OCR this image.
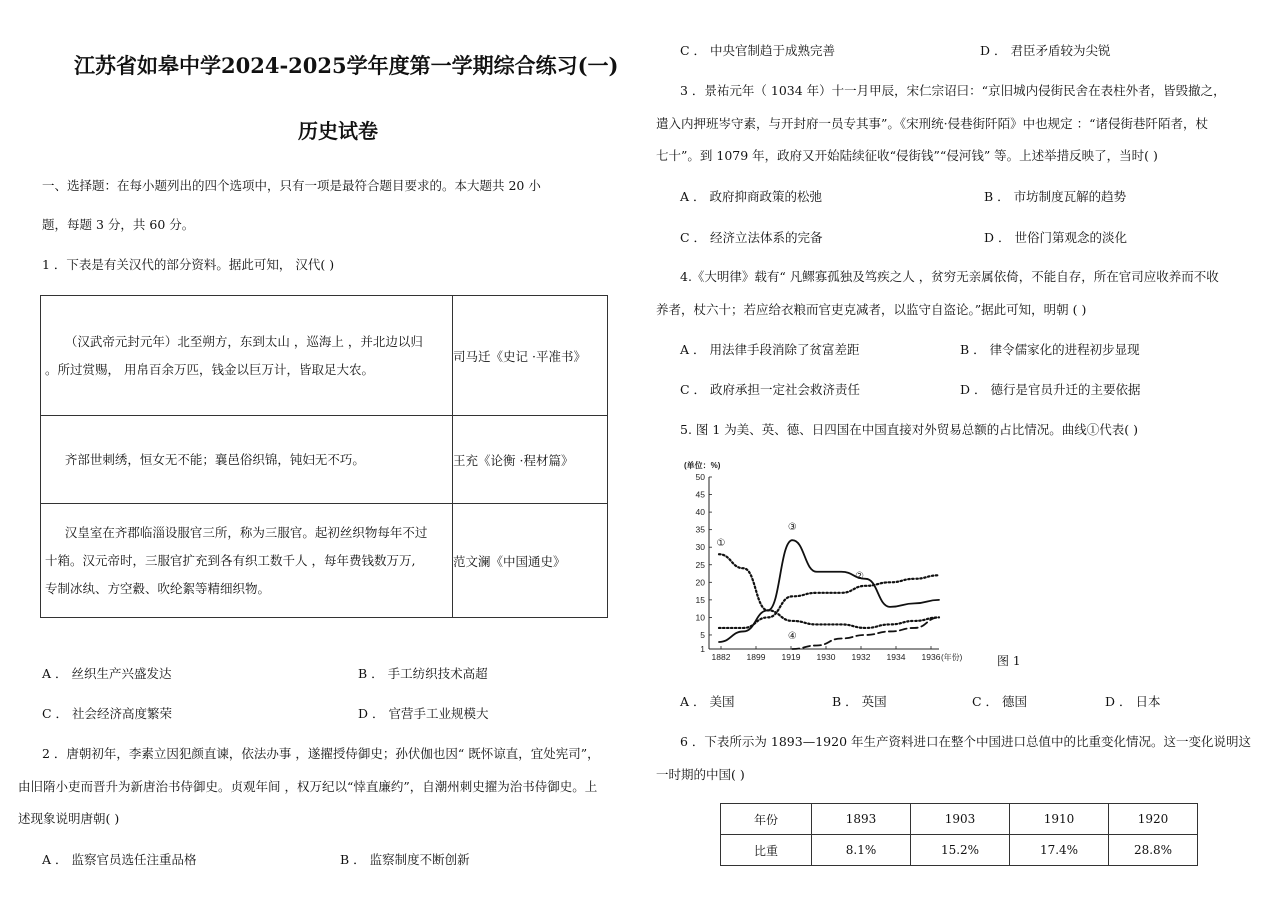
江苏省如皋中学2024-2025学年度第一学期综合练习(一)
历史试卷
一、选择题：在每小题列出的四个选项中，只有一项是最符合题目要求的。本大题共 20 小
题，每题 3 分，共 60 分。
1 ．下表是有关汉代的部分资料。据此可知， 汉代( )
（汉武帝元封元年）北至朔方，东到太山 ，巡海上 ，并北边以归
。所过赏赐， 用帛百余万匹，钱金以巨万计，皆取足大农。	司马迁《史记 ·平准书》

齐部世刺绣，恒女无不能；襄邑俗织锦，钝妇无不巧。	王充《论衡 ·程材篇》

汉皇室在齐郡临淄设服官三所，称为三服官。起初丝织物每年不过
十箱。汉元帝时，三服官扩充到各有织工数千人 ，每年费钱数万万,
专制冰纨、方空縠、吹纶絮等精细织物。	范文澜《中国通史》
A ． 丝织生产兴盛发达	B ． 手工纺织技术高超
C ． 社会经济高度繁荣	D ． 官营手工业规模大
2 ．唐朝初年，李素立因犯颜直谏，依法办事 ，遂擢授侍御史；孙伏伽也因“ 既怀谅直，宜处宪司”，
由旧隋小吏而晋升为新唐治书侍御史。贞观年间 ，权万纪以“悻直廉约”，自潮州刺史擢为治书侍御史。上
述现象说明唐朝( )
A ． 监察官员选任注重品格	B ． 监察制度不断创新
C ． 中央官制趋于成熟完善	D ． 君臣矛盾较为尖锐
3 ．景祐元年（ 1034 年）十一月甲辰，宋仁宗诏曰：“京旧城内侵街民舍在表柱外者，皆毁撤之，
遣入内押班岑守素，与开封府一员专其事”。《宋刑统·侵巷街阡陌》中也规定 ：“诸侵街巷阡陌者，杖
七十”。到 1079 年，政府又开始陆续征收“侵街钱”“侵河钱” 等。上述举措反映了，当时( )
A ． 政府抑商政策的松弛	B ． 市坊制度瓦解的趋势
C ． 经济立法体系的完备	D ． 世俗门第观念的淡化
4.《大明律》载有“ 凡鳏寡孤独及笃疾之人 ，贫穷无亲属依倚，不能自存，所在官司应收养而不收
养者，杖六十；若应给衣粮而官吏克减者，以监守自盗论。”据此可知，明朝 ( )
A ． 用法律手段消除了贫富差距	B ． 律令儒家化的进程初步显现
C ． 政府承担一定社会救济责任	D ． 德行是官员升迁的主要依据
5. 图 1 为美、英、德、日四国在中国直接对外贸易总额的占比情况。曲线①代表( )
(单位：%)
1
5
10
15
20
25
30
35
40
45
50
1882 1899 1919 1930 1932 1934 1936 (年份)
①
②
③
④
图 1
A ． 美国	B ． 英国	C ． 德国	D ． 日本
6 ．下表所示为 1893—1920 年生产资料进口在整个中国进口总值中的比重变化情况。这一变化说明这
一时期的中国( )
年份	1893	1903	1910	1920
比重	8.1%	15.2%	17.4%	28.8%
